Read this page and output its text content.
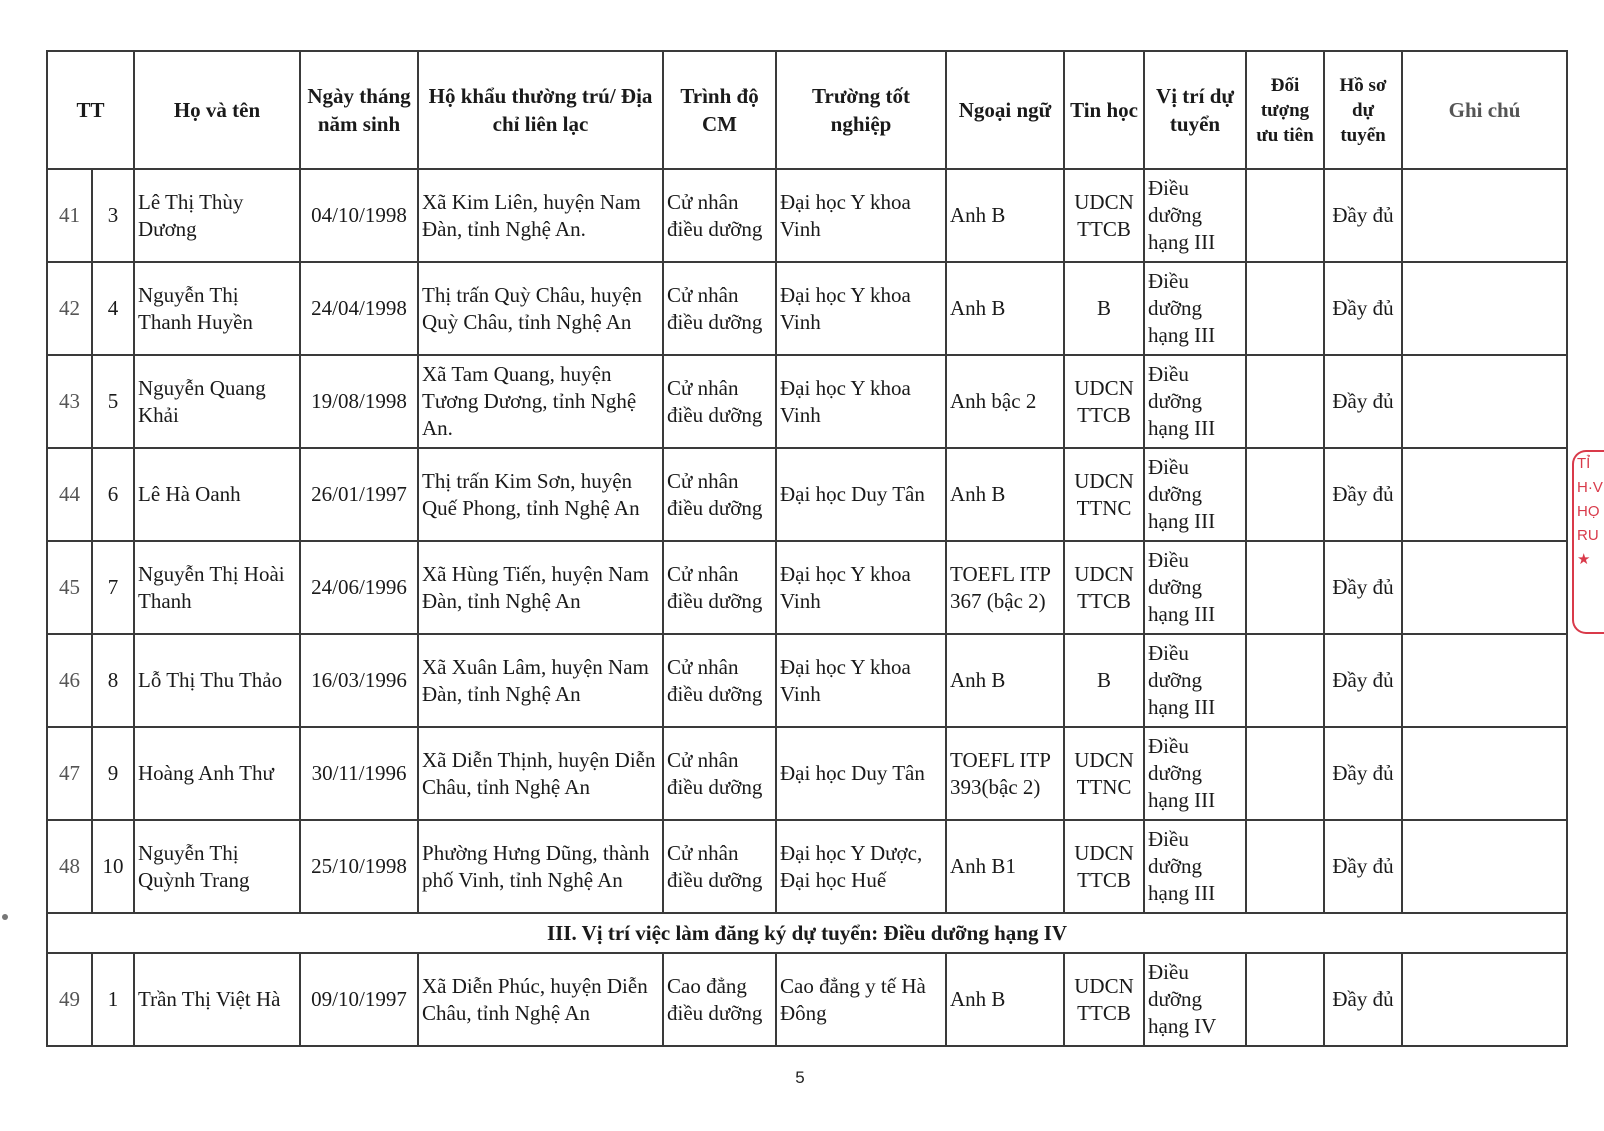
TT		Họ và tên	Ngày tháng năm sinh	Hộ khẩu thường trú/ Địa chỉ liên lạc	Trình độ CM	Trường tốt nghiệp	Ngoại ngữ	Tin học	Vị trí dự tuyển	Đối tượng ưu tiên	Hồ sơ dự tuyển	Ghi chú
41	3	Lê Thị Thùy Dương	04/10/1998	Xã Kim Liên, huyện Nam Đàn, tỉnh Nghệ An.	Cử nhân điều dưỡng	Đại học Y khoa Vinh	Anh B	UDCN TTCB	Điều dưỡng hạng III		Đầy đủ	
42	4	Nguyễn Thị Thanh Huyền	24/04/1998	Thị trấn Quỳ Châu, huyện Quỳ Châu, tỉnh Nghệ An	Cử nhân điều dưỡng	Đại học Y khoa Vinh	Anh B	B	Điều dưỡng hạng III		Đầy đủ	
43	5	Nguyễn Quang Khải	19/08/1998	Xã Tam Quang, huyện Tương Dương, tỉnh Nghệ An.	Cử nhân điều dưỡng	Đại học Y khoa Vinh	Anh bậc 2	UDCN TTCB	Điều dưỡng hạng III		Đầy đủ	
44	6	Lê Hà Oanh	26/01/1997	Thị trấn Kim Sơn, huyện Quế Phong, tỉnh Nghệ An	Cử nhân điều dưỡng	Đại học Duy Tân	Anh B	UDCN TTNC	Điều dưỡng hạng III		Đầy đủ	
45	7	Nguyễn Thị Hoài Thanh	24/06/1996	Xã Hùng Tiến, huyện Nam Đàn, tỉnh Nghệ An	Cử nhân điều dưỡng	Đại học Y khoa Vinh	TOEFL ITP 367 (bậc 2)	UDCN TTCB	Điều dưỡng hạng III		Đầy đủ	
46	8	Lỗ Thị Thu Thảo	16/03/1996	Xã Xuân Lâm, huyện Nam Đàn, tỉnh Nghệ An	Cử nhân điều dưỡng	Đại học Y khoa Vinh	Anh B	B	Điều dưỡng hạng III		Đầy đủ	
47	9	Hoàng Anh Thư	30/11/1996	Xã Diễn Thịnh, huyện Diễn Châu, tỉnh Nghệ An	Cử nhân điều dưỡng	Đại học Duy Tân	TOEFL ITP 393(bậc 2)	UDCN TTNC	Điều dưỡng hạng III		Đầy đủ	
48	10	Nguyễn Thị Quỳnh Trang	25/10/1998	Phường Hưng Dũng, thành phố Vinh, tỉnh Nghệ An	Cử nhân điều dưỡng	Đại học Y Dược, Đại học Huế	Anh B1	UDCN TTCB	Điều dưỡng hạng III		Đầy đủ	
III. Vị trí việc làm đăng ký dự tuyển: Điều dưỡng hạng IV												
49	1	Trần Thị Việt Hà	09/10/1997	Xã Diễn Phúc, huyện Diễn Châu, tỉnh Nghệ An	Cao đẳng điều dưỡng	Cao đẳng y tế Hà Đông	Anh B	UDCN TTCB	Điều dưỡng hạng IV		Đầy đủ	
5
TỈ
H·V
HỌ
RU
★
